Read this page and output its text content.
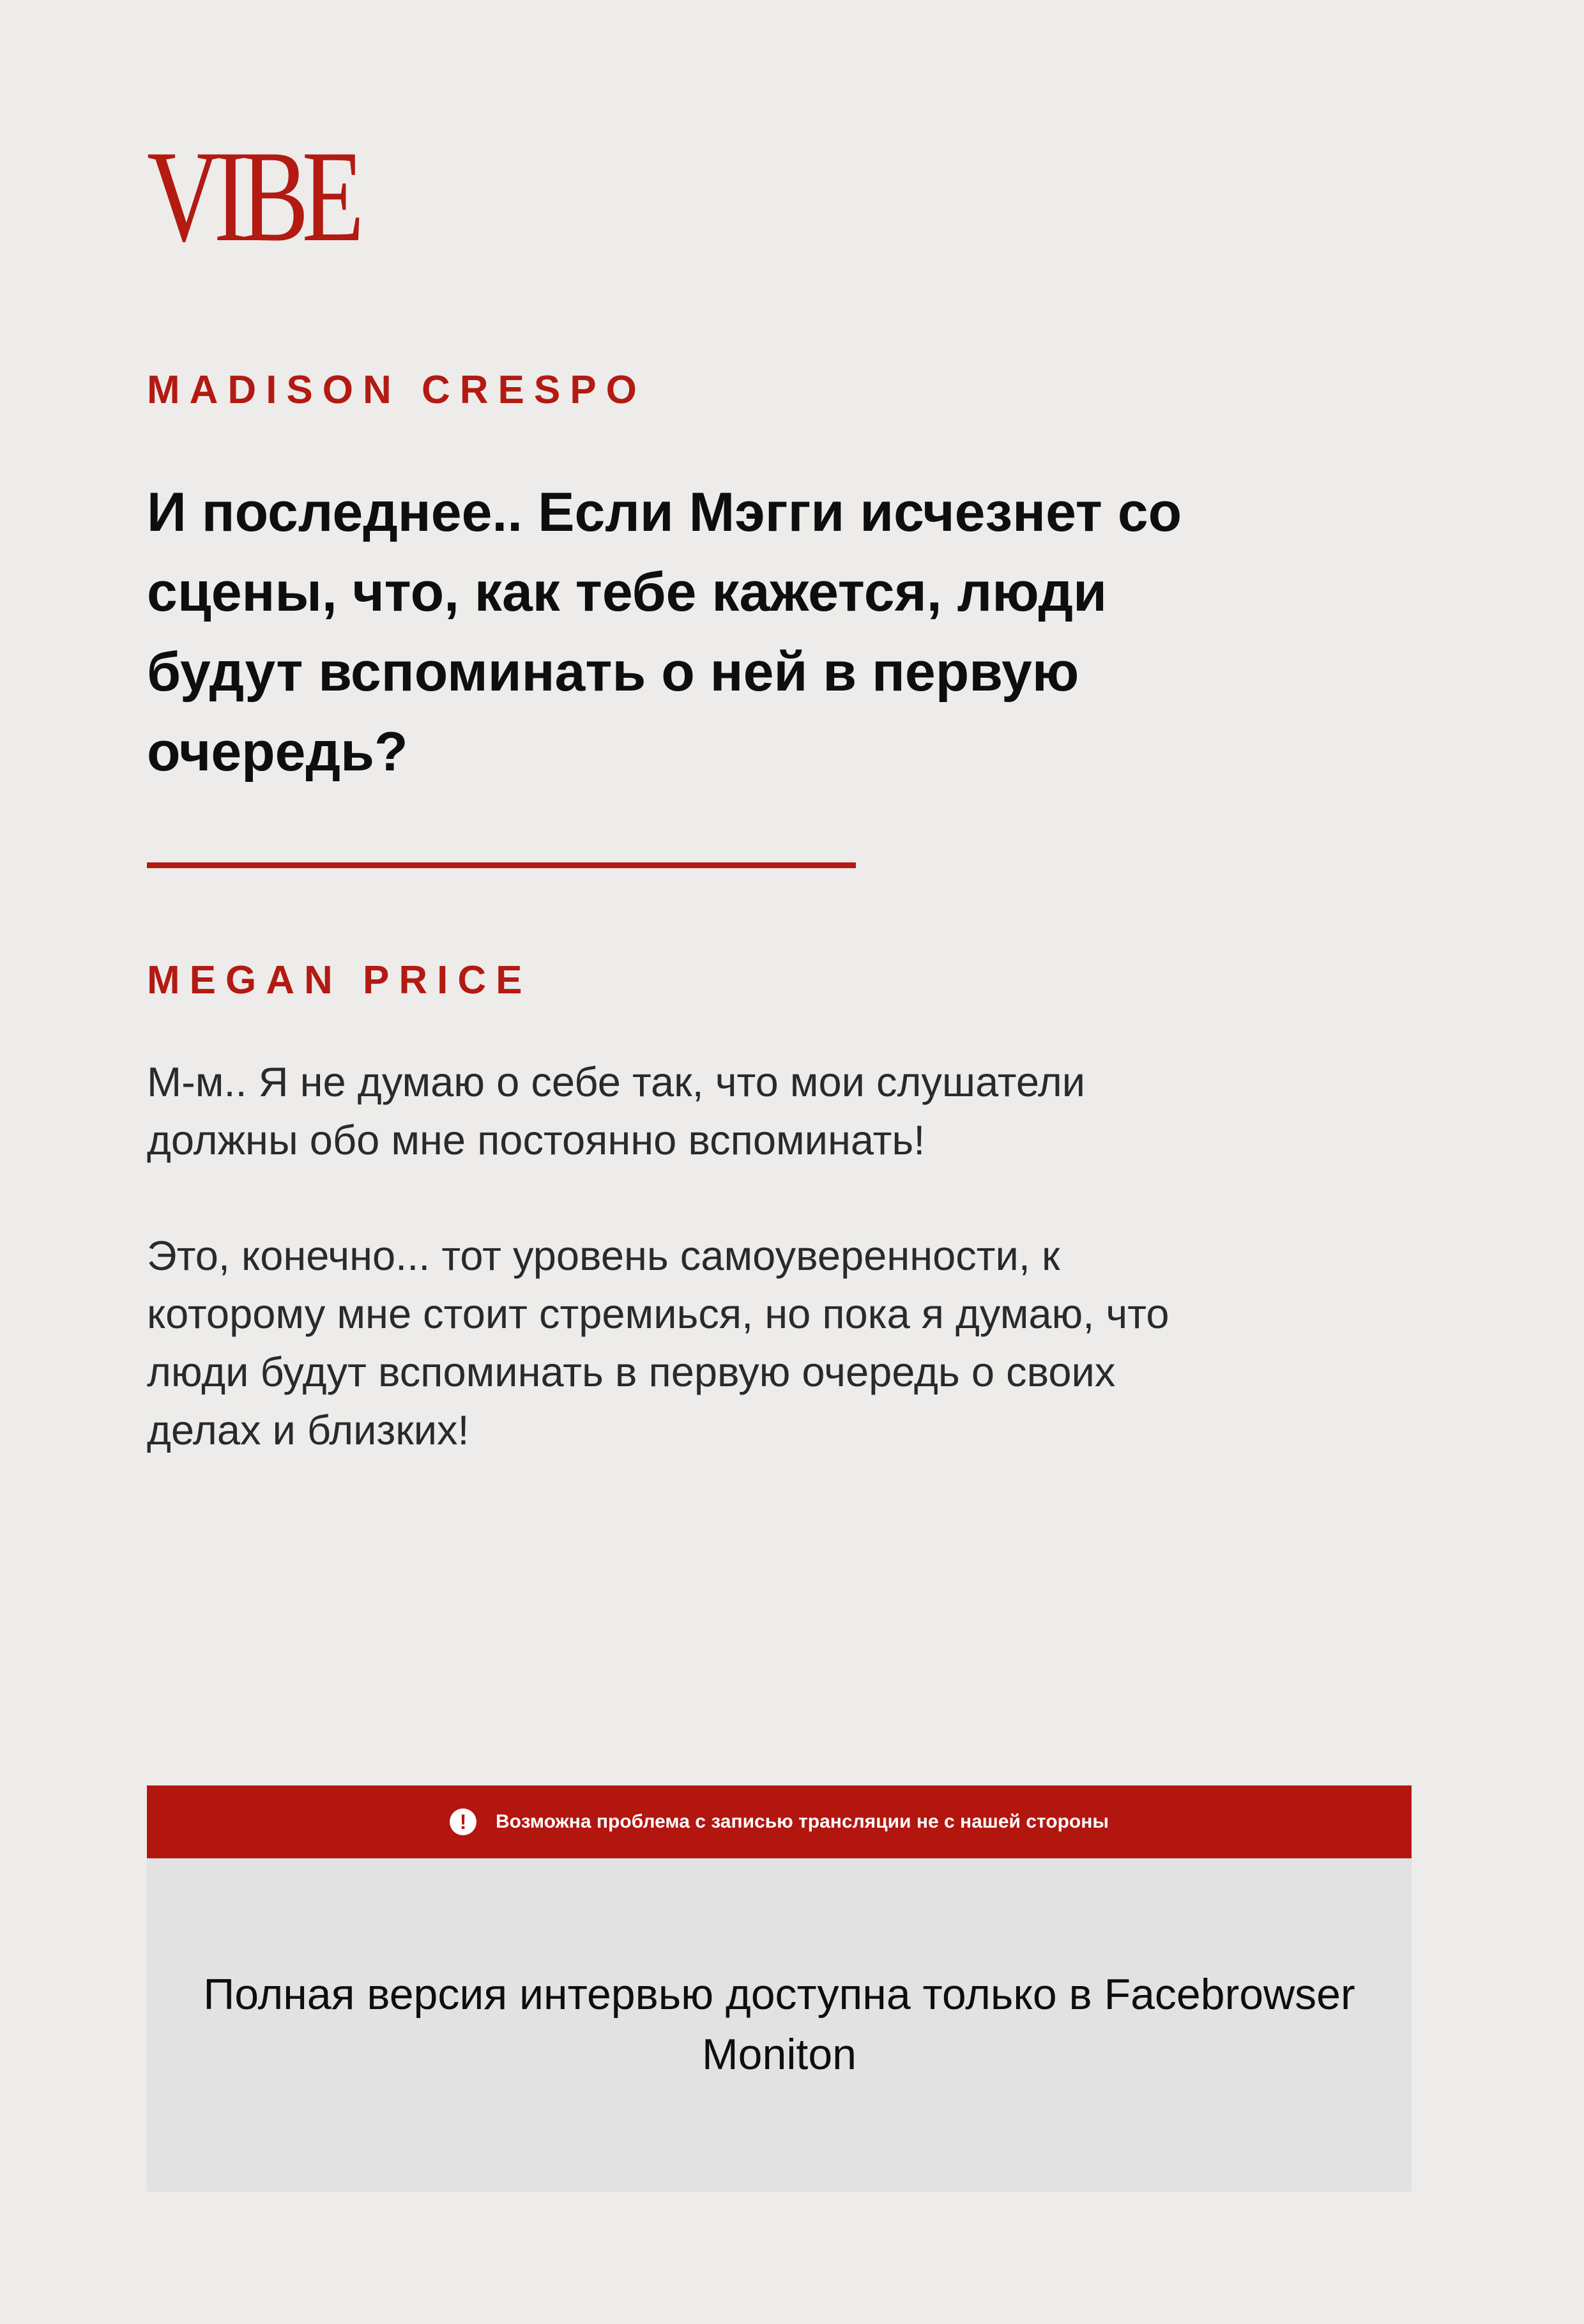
VIBE
MADISON CRESPO
И последнее.. Если Мэгги исчезнет со сцены, что, как тебе кажется, люди будут вспоминать о ней в первую очередь?
MEGAN PRICE

М-м.. Я не думаю о себе так, что мои слушатели должны обо мне постоянно вспоминать!

Это, конечно... тот уровень самоуверенности, к которому мне стоит стремиься, но пока я думаю, что люди будут вспоминать в первую очередь о своих делах и близких!

!	Возможна проблема с записью трансляции не с нашей стороны

Полная версия интервью доступна только в Facebrowser Moniton
